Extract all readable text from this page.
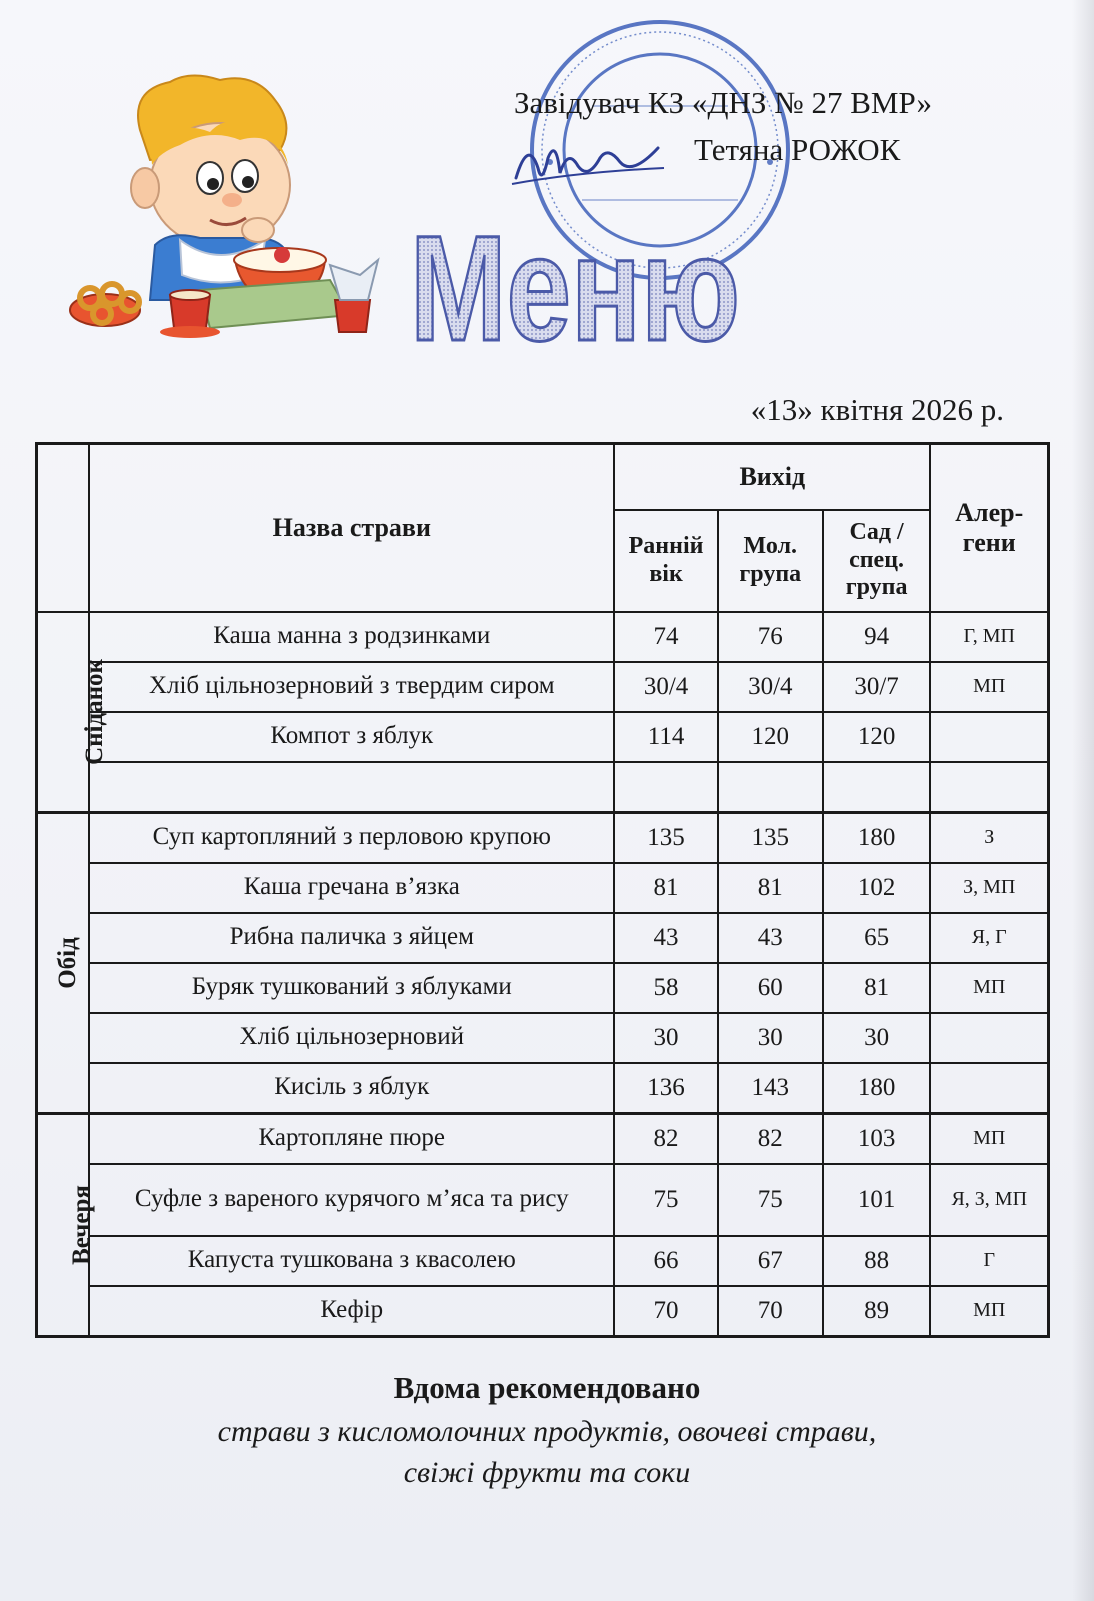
Завідувач КЗ «ДНЗ № 27 ВМР»
Тетяна РОЖОК
Меню
«13» квітня 2026 р.
	Назва страви	Вихід			Алер-гени
		Ранній вік	Мол. група	Сад / спец. група	
Сніданок	Каша манна з родзинками	74	76	94	Г, МП
	Хліб цільнозерновий з твердим сиром	30/4	30/4	30/7	МП
	Компот з яблук	114	120	120	

Обід	Суп картопляний з перловою крупою	135	135	180	З
	Каша гречана в’язка	81	81	102	З, МП
	Рибна паличка з яйцем	43	43	65	Я, Г
	Буряк тушкований з яблуками	58	60	81	МП
	Хліб цільнозерновий	30	30	30	
	Кисіль з яблук	136	143	180	
Вечеря	Картопляне пюре	82	82	103	МП
	Суфле з вареного курячого м’яса та рису	75	75	101	Я, З, МП
	Капуста тушкована з квасолею	66	67	88	Г
	Кефір	70	70	89	МП
Вдома рекомендовано
страви з кисломолочних продуктів, овочеві страви,
свіжі фрукти та соки
